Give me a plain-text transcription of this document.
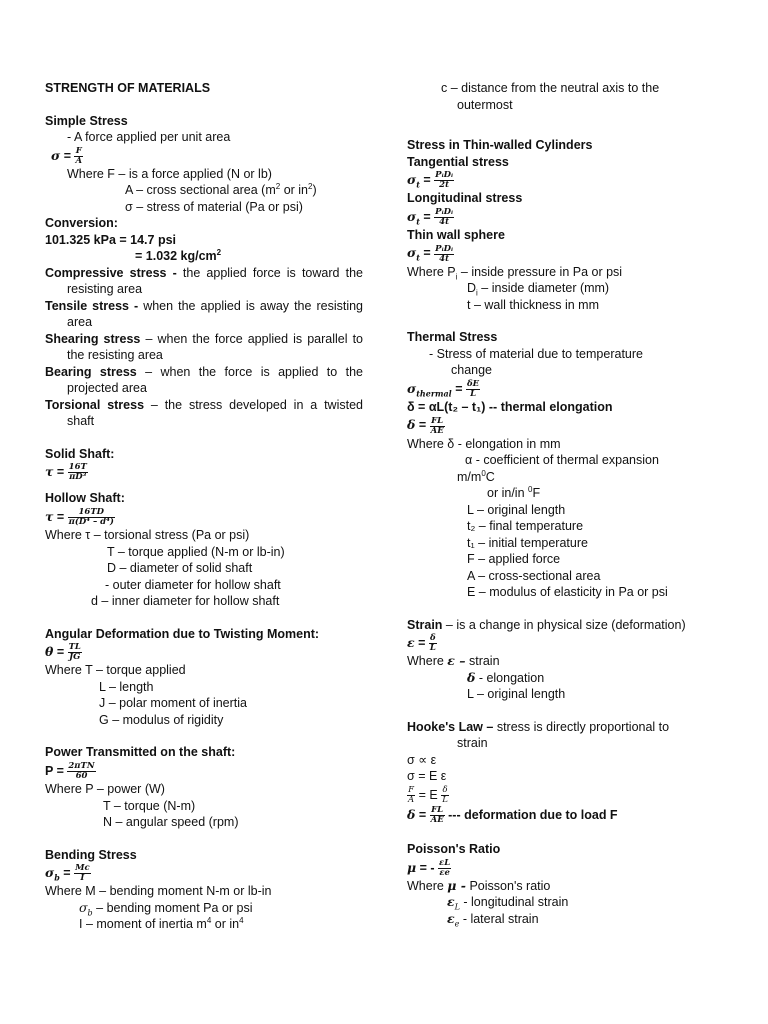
STRENGTH OF MATERIALS
Simple Stress
- A force applied per unit area
$\sigma = \frac{F}{A}$
Where F – is a force applied (N or lb)
A – cross sectional area ($m^2$ or $in^2$)
σ – stress of material (Pa or psi)
Conversion:
101.325 kPa = 14.7 psi
= 1.032 $kg/cm^2$
Compressive stress - the applied force is toward the resisting area
Tensile stress - when the applied is away the resisting area
Shearing stress – when the force applied is parallel to the resisting area
Bearing stress – when the force is applied to the projected area
Torsional stress – the stress developed in a twisted shaft
Solid Shaft:
$\tau = \frac{16T}{\text{πD³}}$
Hollow Shaft:
$\tau = \frac{16TD}{\text{π(D⁴ – d⁴)}}$
Where τ – torsional stress (Pa or psi)
T – torque applied (N-m or lb-in)
D – diameter of solid shaft
- outer diameter for hollow shaft
d – inner diameter for hollow shaft
Angular Deformation due to Twisting Moment:
$\theta = \frac{TL}{JG}$
Where T – torque applied
L – length
J – polar moment of inertia
G – modulus of rigidity
Power Transmitted on the shaft:
$P = \frac{\text{2πTN}}{60}$
Where P – power (W)
T – torque (N-m)
N – angular speed (rpm)
Bending Stress
$\sigma_b = \frac{Mc}{I}$
Where M – bending moment N-m or lb-in
$\sigma_b$ – bending moment Pa or psi
I – moment of inertia $m^4$ or $in^4$
c – distance from the neutral axis to the
outermost
Stress in Thin-walled Cylinders
Tangential stress
$\sigma_t = \frac{\text{PᵢDᵢ}}{2t}$
Longitudinal stress
$\sigma_t = \frac{\text{PᵢDᵢ}}{4t}$
Thin wall sphere
$\sigma_t = \frac{\text{PᵢDᵢ}}{4t}$
Where $P_i$ – inside pressure in Pa or psi
$D_i$ – inside diameter (mm)
t – wall thickness in mm
Thermal Stress
- Stress of material due to temperature
change
$\sigma_{thermal} = \frac{\delta E}{L}$
δ = αL(t₂ – t₁) -- thermal elongation
$\delta = \frac{FL}{AE}$
Where δ - elongation in mm
α - coefficient of thermal expansion
$m/m^0C$
or in/in $^0$F
L – original length
t₂ – final temperature
t₁ – initial temperature
F – applied force
A – cross-sectional area
E – modulus of elasticity in Pa or psi
Strain – is a change in physical size (deformation)
$\varepsilon = \frac{\delta}{L}$
Where ε – strain
δ - elongation
L – original length
Hooke's Law – stress is directly proportional to
strain
σ ∝ ε
σ = E ε
$\frac{F}{A} = E \frac{\delta}{L}$
$\delta = \frac{FL}{AE}$ --- deformation due to load F
Poisson's Ratio
μ = - $\frac{\varepsilon L}{\varepsilon e}$
Where μ - Poisson's ratio
$\varepsilon_L$ - longitudinal strain
$\varepsilon_e$ - lateral strain
